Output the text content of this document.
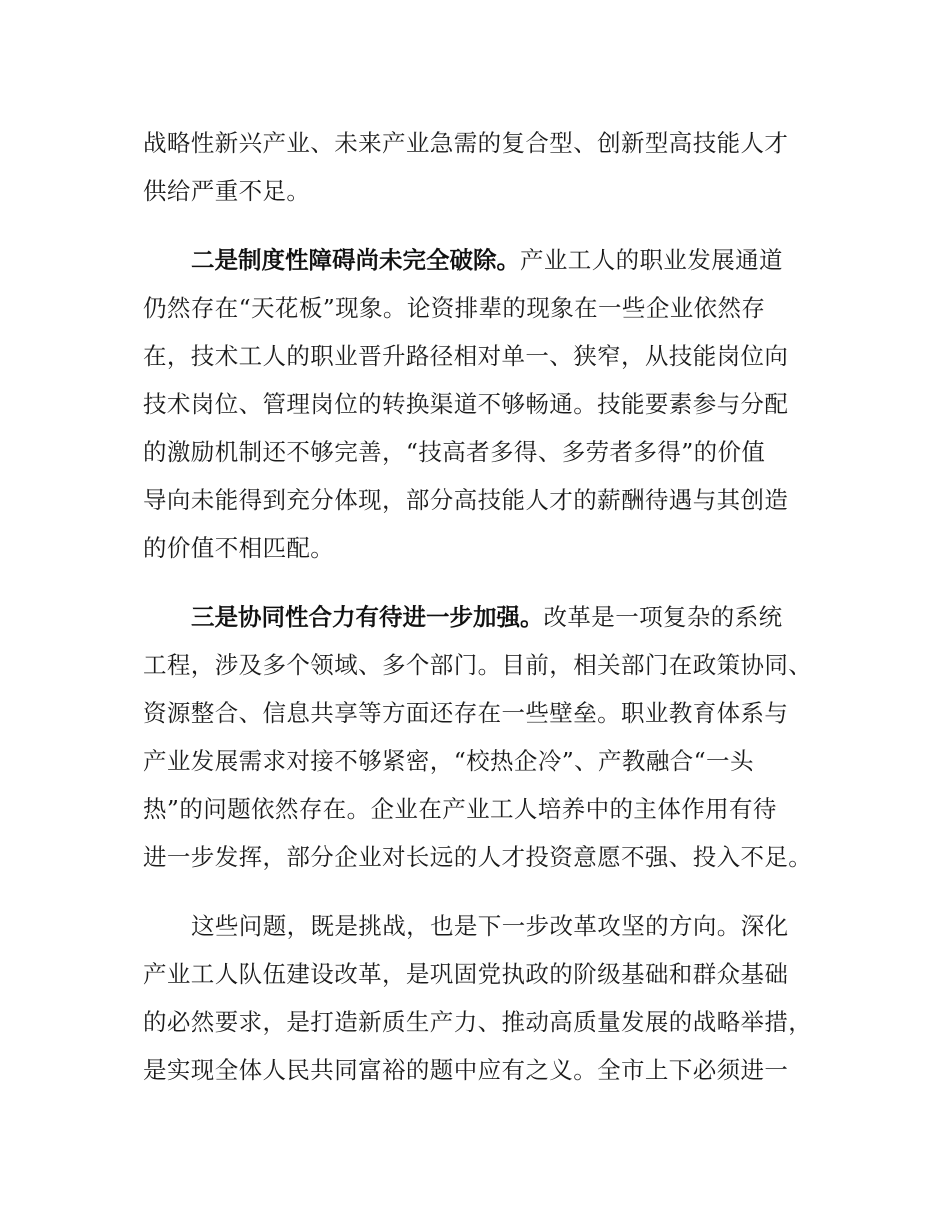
战略性新兴产业、未来产业急需的复合型、创新型高技能人才
供给严重不足。
二是制度性障碍尚未完全破除。产业工人的职业发展通道
仍然存在“天花板”现象。论资排辈的现象在一些企业依然存
在，技术工人的职业晋升路径相对单一、狭窄，从技能岗位向
技术岗位、管理岗位的转换渠道不够畅通。技能要素参与分配
的激励机制还不够完善，“技高者多得、多劳者多得”的价值
导向未能得到充分体现，部分高技能人才的薪酬待遇与其创造
的价值不相匹配。
三是协同性合力有待进一步加强。改革是一项复杂的系统
工程，涉及多个领域、多个部门。目前，相关部门在政策协同、
资源整合、信息共享等方面还存在一些壁垒。职业教育体系与
产业发展需求对接不够紧密，“校热企冷”、产教融合“一头
热”的问题依然存在。企业在产业工人培养中的主体作用有待
进一步发挥，部分企业对长远的人才投资意愿不强、投入不足。
这些问题，既是挑战，也是下一步改革攻坚的方向。深化
产业工人队伍建设改革，是巩固党执政的阶级基础和群众基础
的必然要求，是打造新质生产力、推动高质量发展的战略举措，
是实现全体人民共同富裕的题中应有之义。全市上下必须进一
